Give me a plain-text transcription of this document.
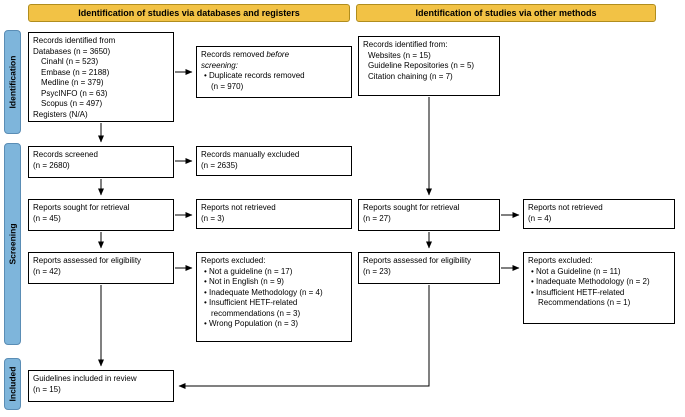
Identification of studies via databases and registers	Identification of studies via other methods
Identification
Screening
Included
Records identified from
Databases (n = 3650)
Cinahl (n = 523)
Embase (n = 2188)
Medline (n = 379)
PsycINFO (n = 63)
Scopus (n = 497)
Registers (N/A)
Records screened
(n = 2680)
Reports sought for retrieval
(n = 45)
Reports assessed for eligibility
(n = 42)
Guidelines included in review
(n = 15)
Records removed before
screening:
• Duplicate records removed
(n = 970)
Records manually excluded
(n = 2635)
Reports not retrieved
(n = 3)
Reports excluded:
• Not a guideline (n = 17)
• Not in English (n = 9)
• Inadequate Methodology (n = 4)
• Insufficient HETF-related recommendations (n = 3)
• Wrong Population (n = 3)
Records identified from:
Websites (n = 15)
Guideline Repositories (n = 5)
Citation chaining (n = 7)
Reports sought for retrieval
(n = 27)
Reports assessed for eligibility
(n = 23)
Reports not retrieved
(n = 4)
Reports excluded:
• Not a Guideline (n = 11)
• Inadequate Methodology (n = 2)
• Insufficient HETF-related Recommendations (n = 1)
